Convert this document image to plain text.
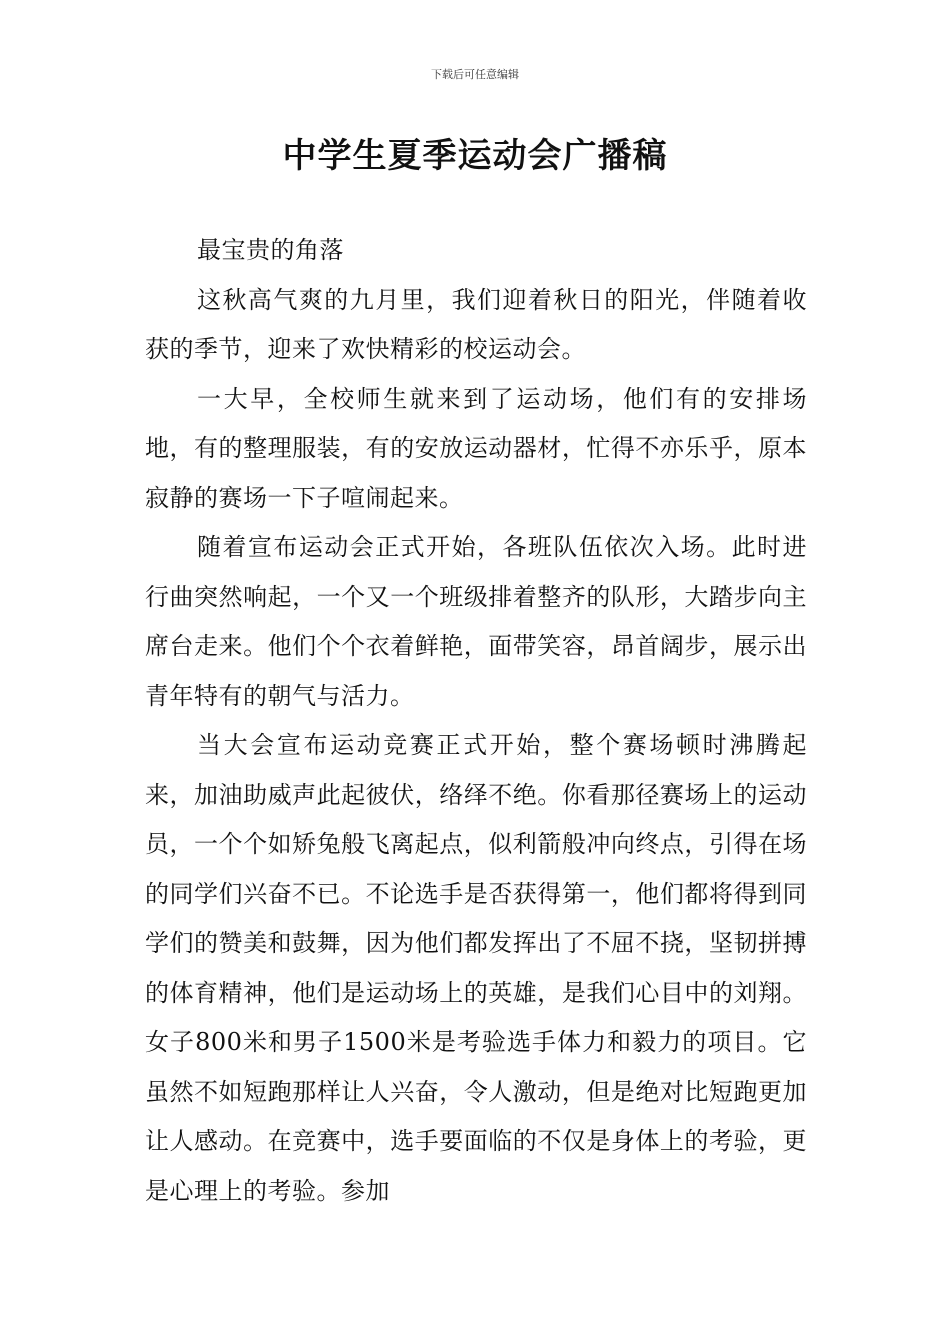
下载后可任意编辑
中学生夏季运动会广播稿

最宝贵的角落

这秋高气爽的九月里，我们迎着秋日的阳光，伴随着收获的季节，迎来了欢快精彩的校运动会。

一大早，全校师生就来到了运动场，他们有的安排场地，有的整理服装，有的安放运动器材，忙得不亦乐乎，原本寂静的赛场一下子喧闹起来。

随着宣布运动会正式开始，各班队伍依次入场。此时进行曲突然响起，一个又一个班级排着整齐的队形，大踏步向主席台走来。他们个个衣着鲜艳，面带笑容，昂首阔步，展示出青年特有的朝气与活力。

当大会宣布运动竞赛正式开始，整个赛场顿时沸腾起来，加油助威声此起彼伏，络绎不绝。你看那径赛场上的运动员，一个个如矫兔般飞离起点，似利箭般冲向终点，引得在场的同学们兴奋不已。不论选手是否获得第一，他们都将得到同学们的赞美和鼓舞，因为他们都发挥出了不屈不挠，坚韧拼搏的体育精神，他们是运动场上的英雄，是我们心目中的刘翔。女子800米和男子1500米是考验选手体力和毅力的项目。它虽然不如短跑那样让人兴奋，令人激动，但是绝对比短跑更加让人感动。在竞赛中，选手要面临的不仅是身体上的考验，更是心理上的考验。参加
